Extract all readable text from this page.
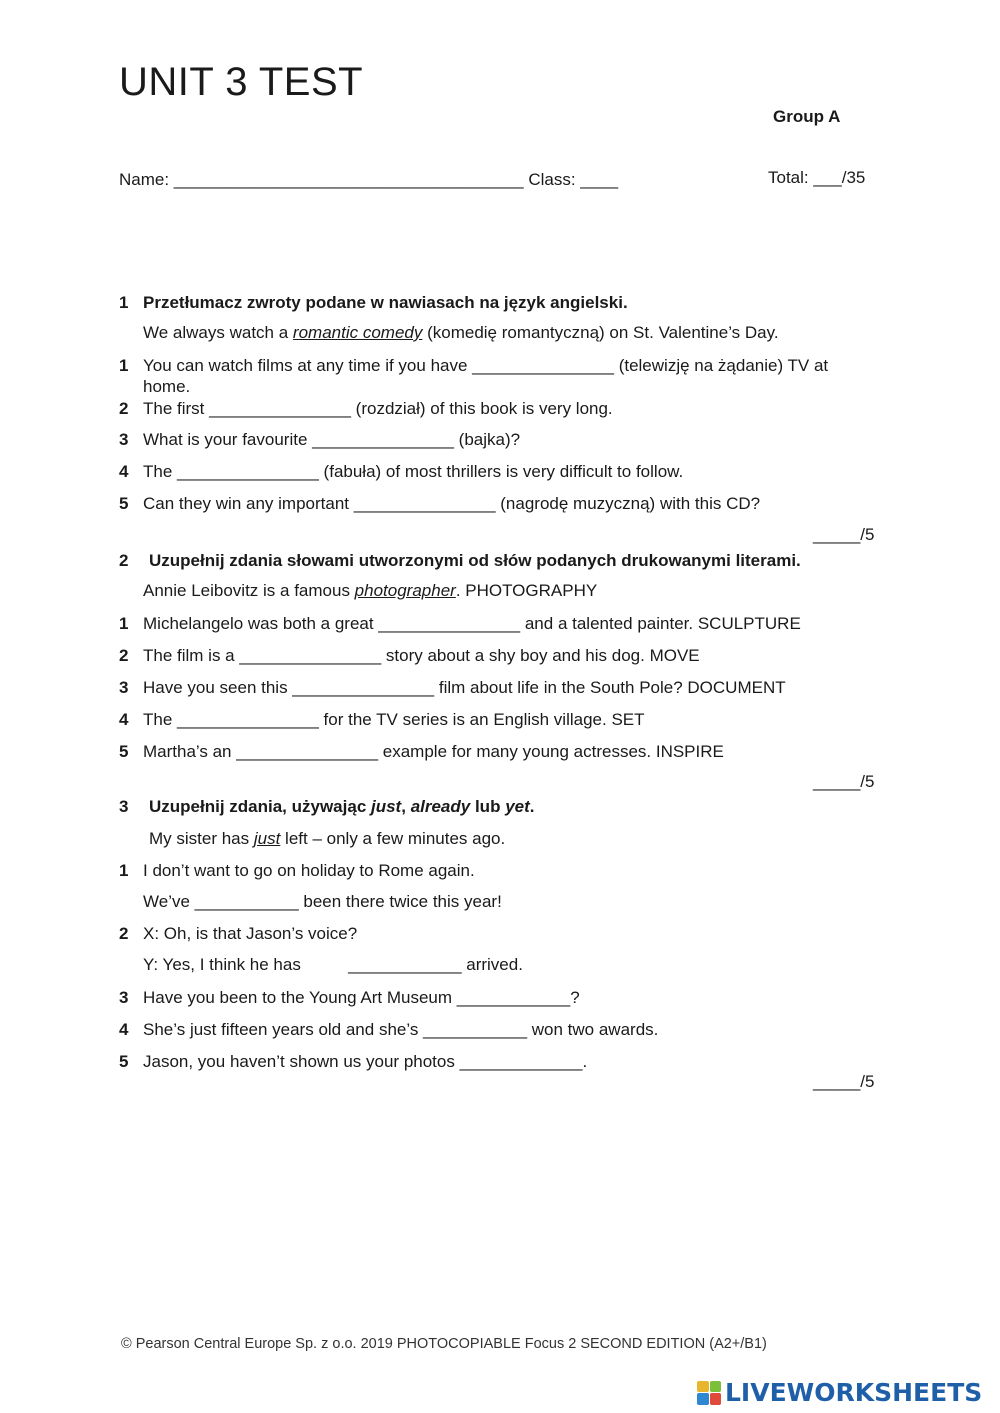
UNIT 3 TEST
Group A
Name: _____________________________________ Class: ____	Total: ___/35
1 Przetłumacz zwroty podane w nawiasach na język angielski.
We always watch a romantic comedy (komedię romantyczną) on St. Valentine’s Day.
1 You can watch films at any time if you have _______________ (telewizję na żądanie) TV at home.
2 The first _______________ (rozdział) of this book is very long.
3 What is your favourite _______________ (bajka)?
4 The _______________ (fabuła) of most thrillers is very difficult to follow.
5 Can they win any important _______________ (nagrodę muzyczną) with this CD?
_____/5
2 Uzupełnij zdania słowami utworzonymi od słów podanych drukowanymi literami.
Annie Leibovitz is a famous photographer. PHOTOGRAPHY
1 Michelangelo was both a great _______________ and a talented painter. SCULPTURE
2 The film is a _______________ story about a shy boy and his dog. MOVE
3 Have you seen this _______________ film about life in the South Pole? DOCUMENT
4 The _______________ for the TV series is an English village. SET
5 Martha’s an _______________ example for many young actresses. INSPIRE
_____/5
3 Uzupełnij zdania, używając just, already lub yet.
My sister has just left – only a few minutes ago.
1 I don’t want to go on holiday to Rome again.
We’ve ___________ been there twice this year!
2 X: Oh, is that Jason’s voice?
Y: Yes, I think he has          ____________ arrived.
3 Have you been to the Young Art Museum ____________?
4 She’s just fifteen years old and she’s ___________ won two awards.
5 Jason, you haven’t shown us your photos _____________.
_____/5
© Pearson Central Europe Sp. z o.o. 2019 PHOTOCOPIABLE Focus 2 SECOND EDITION (A2+/B1)
LIVEWORKSHEETS
